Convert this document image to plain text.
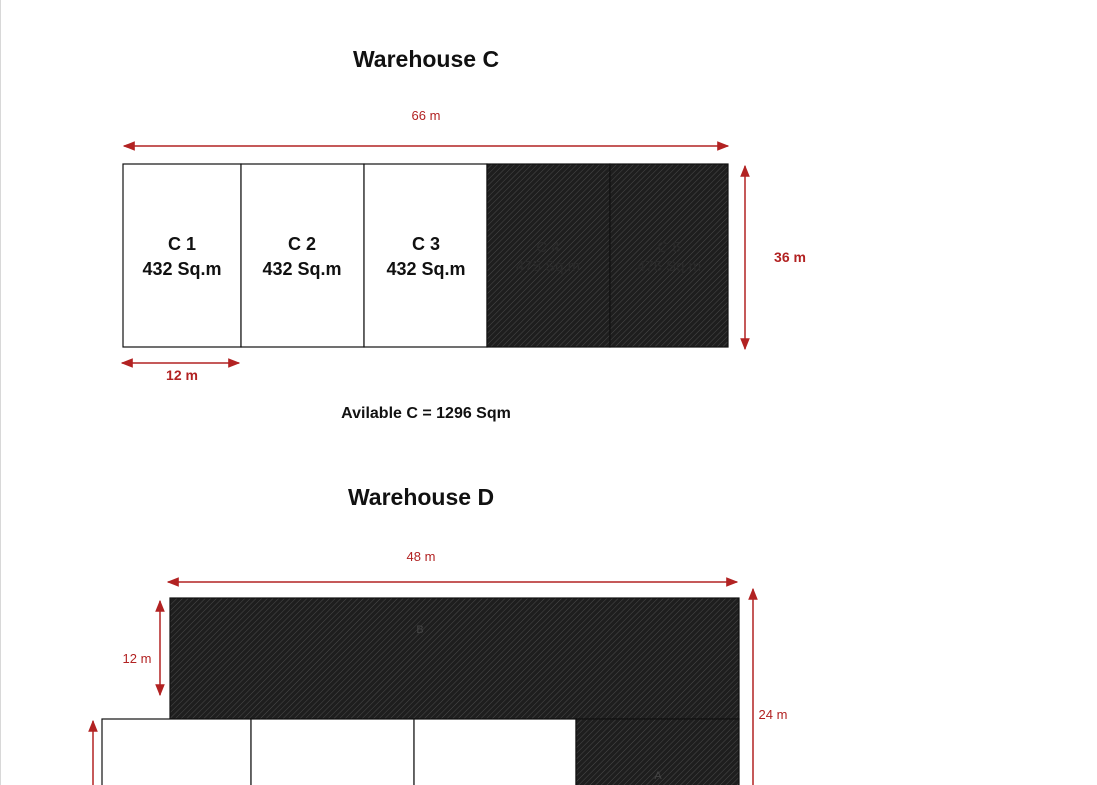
Warehouse C
Avilable C = 1296 Sqm
Warehouse D
66 m
36 m
12 m
C 1
432 Sq.m
C 2
432 Sq.m
C 3
432 Sq.m
C 4
475 Sq.m
C 5
475 Sq.m
48 m
12 m
24 m
B
A
